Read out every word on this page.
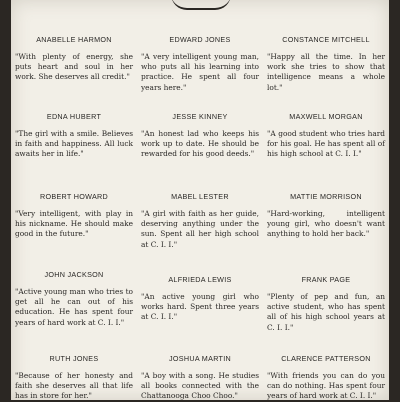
ANABELLE HARMON
"With plenty of energy, she puts heart and soul in her work. She deserves all credit."
EDWARD JONES
"A very intelligent young man, who puts all his learning into practice. He spent all four years here."
CONSTANCE MITCHELL
"Happy all the time. In her work she tries to show that intelligence means a whole lot."
EDNA HUBERT
"The girl with a smile. Believes in faith and happiness. All luck awaits her in life."
JESSE KINNEY
"An honest lad who keeps his work up to date. He should be rewarded for his good deeds."
MAXWELL MORGAN
"A good student who tries hard for his goal. He has spent all of his high school at C. I. I."
ROBERT HOWARD
"Very intelligent, with play in his nickname. He should make good in the future."
MABEL LESTER
"A girl with faith as her guide, deserving anything under the sun. Spent all her high school at C. I. I."
MATTIE MORRISON
"Hard-working, intelligent young girl, who doesn't want anything to hold her back."
JOHN JACKSON
"Active young man who tries to get all he can out of his education. He has spent four years of hard work at C. I. I."
ALFRIEDA LEWIS
"An active young girl who works hard. Spent three years at C. I. I."
FRANK PAGE
"Plenty of pep and fun, an active student, who has spent all of his high school years at C. I. I."
RUTH JONES
"Because of her honesty and faith she deserves all that life has in store for her."
JOSHUA MARTIN
"A boy with a song. He studies all books connected with the Chattanooga Choo Choo."
CLARENCE PATTERSON
"With friends you can do you can do nothing. Has spent four years of hard work at C. I. I."
